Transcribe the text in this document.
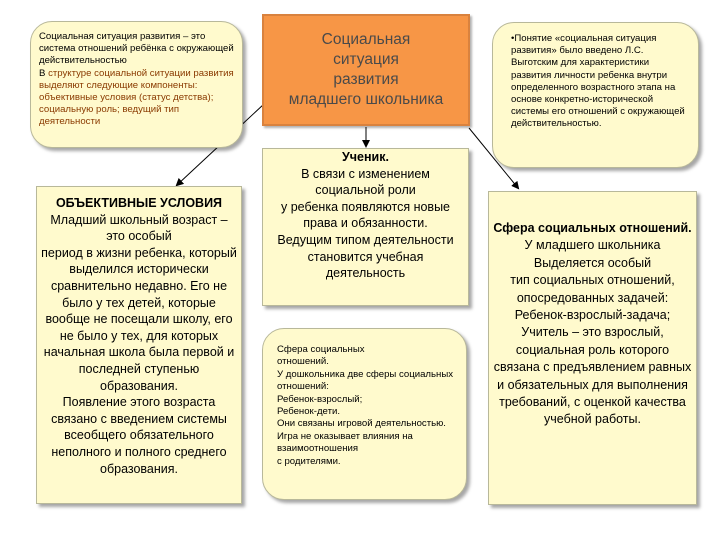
Социальная ситуация развития – это система отношений ребёнка с окружающей действительностью
В структуре социальной ситуации развития выделяют следующие компоненты: объективные условия (статус детства); социальную роль; ведущий тип деятельности
Социальная
ситуация
развития
младшего школьника
•Понятие «социальная ситуация развития» было введено Л.С. Выготским для характеристики развития личности ребенка внутри определенного возрастного этапа на основе конкретно-исторической системы его отношений с окружающей действительностью.
ОБЪЕКТИВНЫЕ УСЛОВИЯ
Младший школьный возраст – это особый
период в жизни ребенка, который выделился исторически сравнительно недавно. Его не было у тех детей, которые вообще не посещали школу, его не было у тех, для которых начальная школа была первой и последней ступенью образования.
Появление этого возраста связано с введением системы всеобщего обязательного неполного и полного среднего образования.
Ученик.
В связи с изменением социальной роли
у ребенка появляются новые права и обязанности.
Ведущим типом деятельности становится учебная деятельность
Сфера социальных
отношений.
У дошкольника две сферы социальных отношений:
Ребенок-взрослый;
Ребенок-дети.
Они связаны игровой деятельностью. Игра не оказывает влияния на взаимоотношения
с родителями.
Сфера социальных отношений.
У младшего школьника Выделяется особый
тип социальных отношений, опосредованных задачей:
Ребенок-взрослый-задача;
Учитель – это взрослый, социальная роль которого связана с предъявлением равных и обязательных для выполнения требований, с оценкой качества
учебной работы.
